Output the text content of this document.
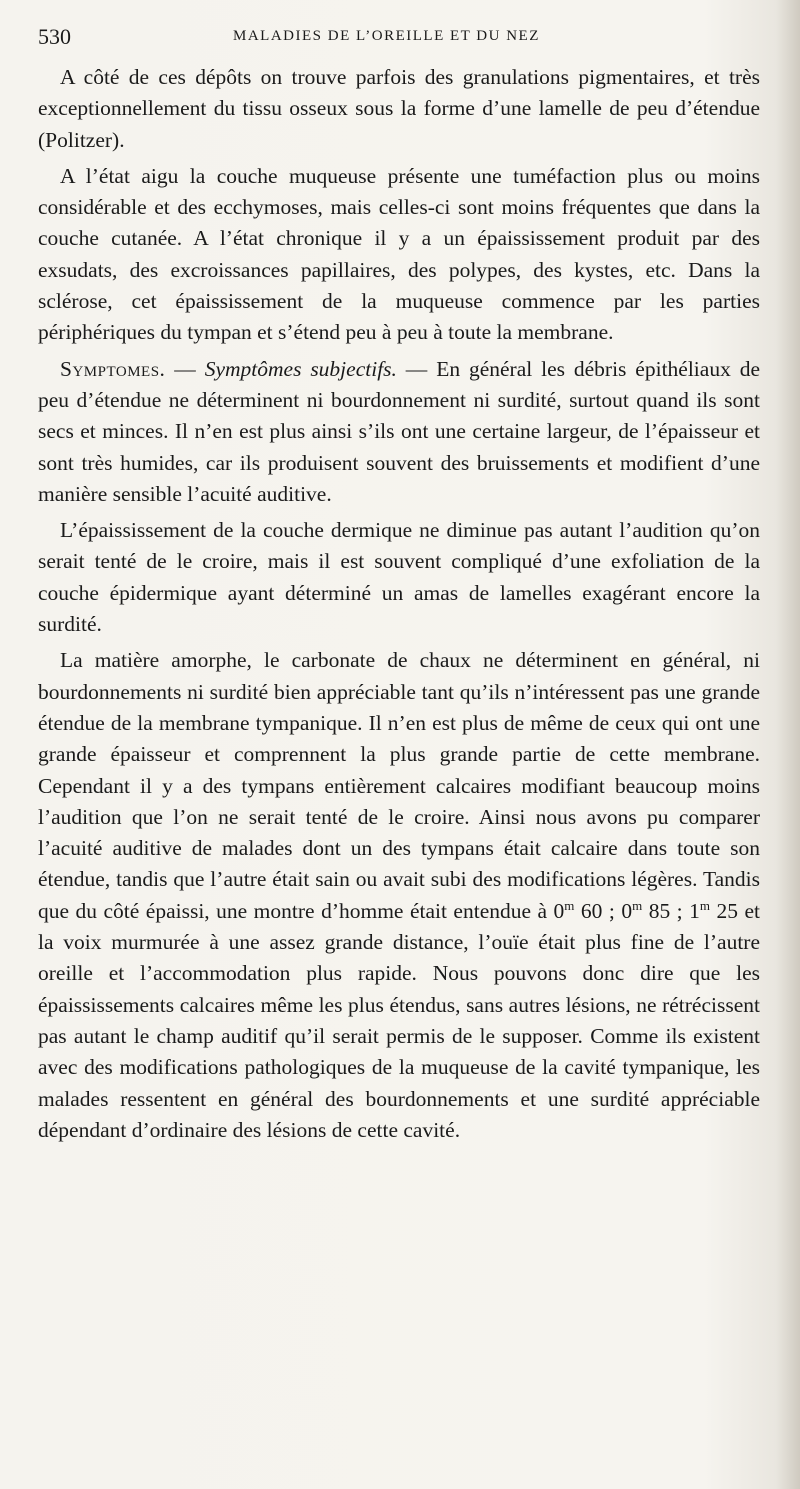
530	MALADIES DE L’OREILLE ET DU NEZ

A côté de ces dépôts on trouve parfois des granulations pigmentaires, et très exceptionnellement du tissu osseux sous la forme d’une lamelle de peu d’étendue (Politzer).

A l’état aigu la couche muqueuse présente une tuméfaction plus ou moins considérable et des ecchymoses, mais celles-ci sont moins fréquentes que dans la couche cutanée. A l’état chronique il y a un épaississement produit par des exsudats, des excroissances papillaires, des polypes, des kystes, etc. Dans la sclérose, cet épaississement de la muqueuse commence par les parties périphériques du tympan et s’étend peu à peu à toute la membrane.

Symptomes. — Symptômes subjectifs. — En général les débris épithéliaux de peu d’étendue ne déterminent ni bourdonnement ni surdité, surtout quand ils sont secs et minces. Il n’en est plus ainsi s’ils ont une certaine largeur, de l’épaisseur et sont très humides, car ils produisent souvent des bruissements et modifient d’une manière sensible l’acuité auditive.

L’épaississement de la couche dermique ne diminue pas autant l’audition qu’on serait tenté de le croire, mais il est souvent compliqué d’une exfoliation de la couche épidermique ayant déterminé un amas de lamelles exagérant encore la surdité.

La matière amorphe, le carbonate de chaux ne déterminent en général, ni bourdonnements ni surdité bien appréciable tant qu’ils n’intéressent pas une grande étendue de la membrane tympanique. Il n’en est plus de même de ceux qui ont une grande épaisseur et comprennent la plus grande partie de cette membrane. Cependant il y a des tympans entièrement calcaires modifiant beaucoup moins l’audition que l’on ne serait tenté de le croire. Ainsi nous avons pu comparer l’acuité auditive de malades dont un des tympans était calcaire dans toute son étendue, tandis que l’autre était sain ou avait subi des modifications légères. Tandis que du côté épaissi, une montre d’homme était entendue à 0$^m$ 60 ; 0$^m$ 85 ; 1$^m$ 25 et la voix murmurée à une assez grande distance, l’ouïe était plus fine de l’autre oreille et l’accommodation plus rapide. Nous pouvons donc dire que les épaississements calcaires même les plus étendus, sans autres lésions, ne rétrécissent pas autant le champ auditif qu’il serait permis de le supposer. Comme ils existent avec des modifications pathologiques de la muqueuse de la cavité tympanique, les malades ressentent en général des bourdonnements et une surdité appréciable dépendant d’ordinaire des lésions de cette cavité.
